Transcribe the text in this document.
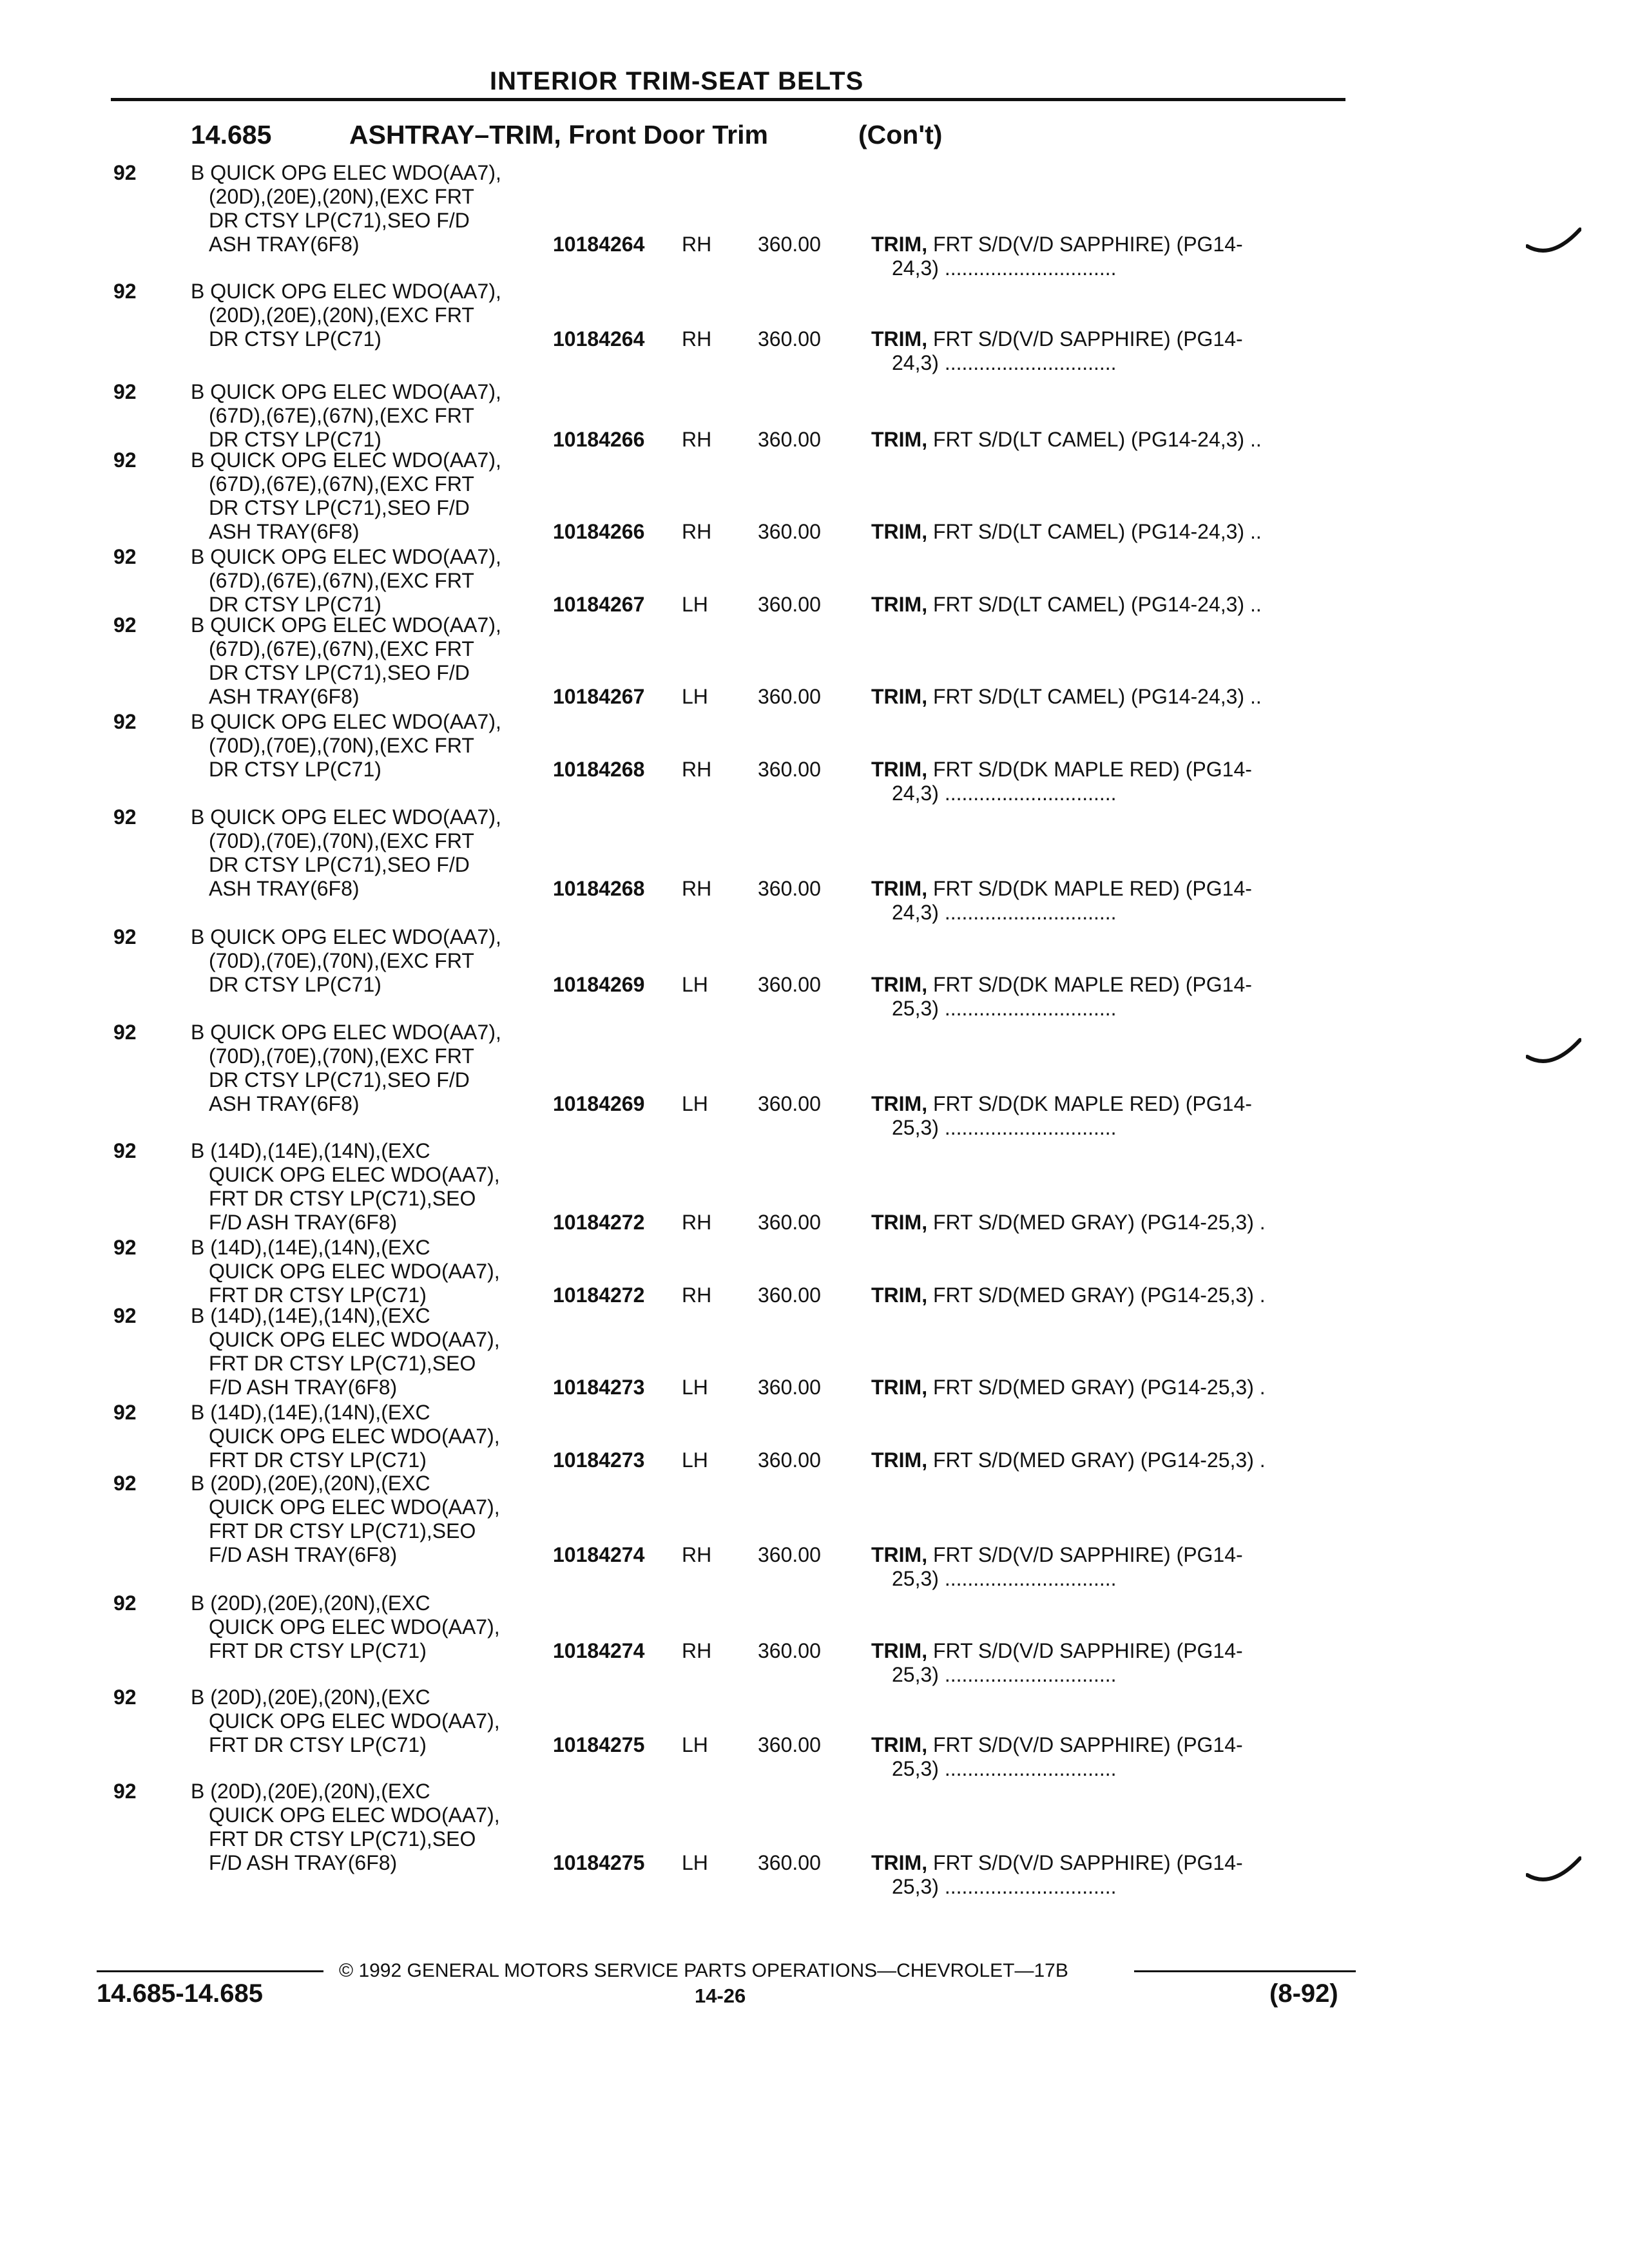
INTERIOR TRIM-SEAT BELTS
14.685	ASHTRAY–TRIM, Front Door Trim	(Con't)
92	B QUICK OPG ELEC WDO(AA7),
(20D),(20E),(20N),(EXC FRT
DR CTSY LP(C71),SEO F/D
ASH TRAY(6F8)	10184264 RH 360.00 TRIM, FRT S/D(V/D SAPPHIRE) (PG14-
24,3) ..............................
92	B QUICK OPG ELEC WDO(AA7),
(20D),(20E),(20N),(EXC FRT
DR CTSY LP(C71)	10184264 RH 360.00 TRIM, FRT S/D(V/D SAPPHIRE) (PG14-
24,3) ..............................
92	B QUICK OPG ELEC WDO(AA7),
(67D),(67E),(67N),(EXC FRT
DR CTSY LP(C71)	10184266 RH 360.00 TRIM, FRT S/D(LT CAMEL) (PG14-24,3) ..
92	B QUICK OPG ELEC WDO(AA7),
(67D),(67E),(67N),(EXC FRT
DR CTSY LP(C71),SEO F/D
ASH TRAY(6F8)	10184266 RH 360.00 TRIM, FRT S/D(LT CAMEL) (PG14-24,3) ..
92	B QUICK OPG ELEC WDO(AA7),
(67D),(67E),(67N),(EXC FRT
DR CTSY LP(C71)	10184267 LH 360.00 TRIM, FRT S/D(LT CAMEL) (PG14-24,3) ..
92	B QUICK OPG ELEC WDO(AA7),
(67D),(67E),(67N),(EXC FRT
DR CTSY LP(C71),SEO F/D
ASH TRAY(6F8)	10184267 LH 360.00 TRIM, FRT S/D(LT CAMEL) (PG14-24,3) ..
92	B QUICK OPG ELEC WDO(AA7),
(70D),(70E),(70N),(EXC FRT
DR CTSY LP(C71)	10184268 RH 360.00 TRIM, FRT S/D(DK MAPLE RED) (PG14-
24,3) ..............................
92	B QUICK OPG ELEC WDO(AA7),
(70D),(70E),(70N),(EXC FRT
DR CTSY LP(C71),SEO F/D
ASH TRAY(6F8)	10184268 RH 360.00 TRIM, FRT S/D(DK MAPLE RED) (PG14-
24,3) ..............................
92	B QUICK OPG ELEC WDO(AA7),
(70D),(70E),(70N),(EXC FRT
DR CTSY LP(C71)	10184269 LH 360.00 TRIM, FRT S/D(DK MAPLE RED) (PG14-
25,3) ..............................
92	B QUICK OPG ELEC WDO(AA7),
(70D),(70E),(70N),(EXC FRT
DR CTSY LP(C71),SEO F/D
ASH TRAY(6F8)	10184269 LH 360.00 TRIM, FRT S/D(DK MAPLE RED) (PG14-
25,3) ..............................
92	B (14D),(14E),(14N),(EXC
QUICK OPG ELEC WDO(AA7),
FRT DR CTSY LP(C71),SEO
F/D ASH TRAY(6F8)	10184272 RH 360.00 TRIM, FRT S/D(MED GRAY) (PG14-25,3) .
92	B (14D),(14E),(14N),(EXC
QUICK OPG ELEC WDO(AA7),
FRT DR CTSY LP(C71)	10184272 RH 360.00 TRIM, FRT S/D(MED GRAY) (PG14-25,3) .
92	B (14D),(14E),(14N),(EXC
QUICK OPG ELEC WDO(AA7),
FRT DR CTSY LP(C71),SEO
F/D ASH TRAY(6F8)	10184273 LH 360.00 TRIM, FRT S/D(MED GRAY) (PG14-25,3) .
92	B (14D),(14E),(14N),(EXC
QUICK OPG ELEC WDO(AA7),
FRT DR CTSY LP(C71)	10184273 LH 360.00 TRIM, FRT S/D(MED GRAY) (PG14-25,3) .
92	B (20D),(20E),(20N),(EXC
QUICK OPG ELEC WDO(AA7),
FRT DR CTSY LP(C71),SEO
F/D ASH TRAY(6F8)	10184274 RH 360.00 TRIM, FRT S/D(V/D SAPPHIRE) (PG14-
25,3) ..............................
92	B (20D),(20E),(20N),(EXC
QUICK OPG ELEC WDO(AA7),
FRT DR CTSY LP(C71)	10184274 RH 360.00 TRIM, FRT S/D(V/D SAPPHIRE) (PG14-
25,3) ..............................
92	B (20D),(20E),(20N),(EXC
QUICK OPG ELEC WDO(AA7),
FRT DR CTSY LP(C71)	10184275 LH 360.00 TRIM, FRT S/D(V/D SAPPHIRE) (PG14-
25,3) ..............................
92	B (20D),(20E),(20N),(EXC
QUICK OPG ELEC WDO(AA7),
FRT DR CTSY LP(C71),SEO
F/D ASH TRAY(6F8)	10184275 LH 360.00 TRIM, FRT S/D(V/D SAPPHIRE) (PG14-
25,3) ..............................
© 1992 GENERAL MOTORS SERVICE PARTS OPERATIONS—CHEVROLET—17B
14.685-14.685	14-26	(8-92)
